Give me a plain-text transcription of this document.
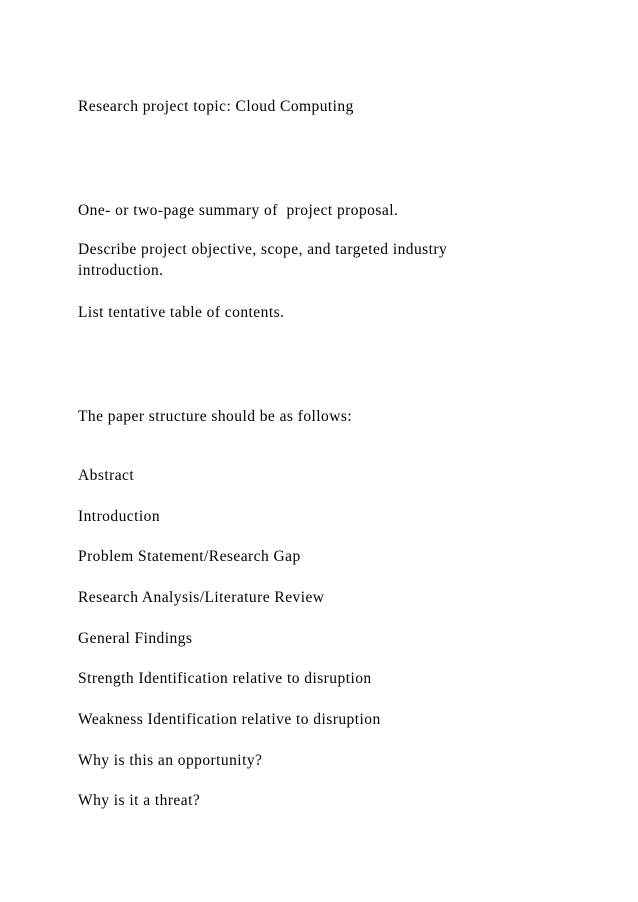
Research project topic: Cloud Computing

One- or two-page summary of  project proposal.

Describe project objective, scope, and targeted industry introduction.

List tentative table of contents.

The paper structure should be as follows:

Abstract

Introduction

Problem Statement/Research Gap

Research Analysis/Literature Review

General Findings

Strength Identification relative to disruption

Weakness Identification relative to disruption

Why is this an opportunity?

Why is it a threat?
